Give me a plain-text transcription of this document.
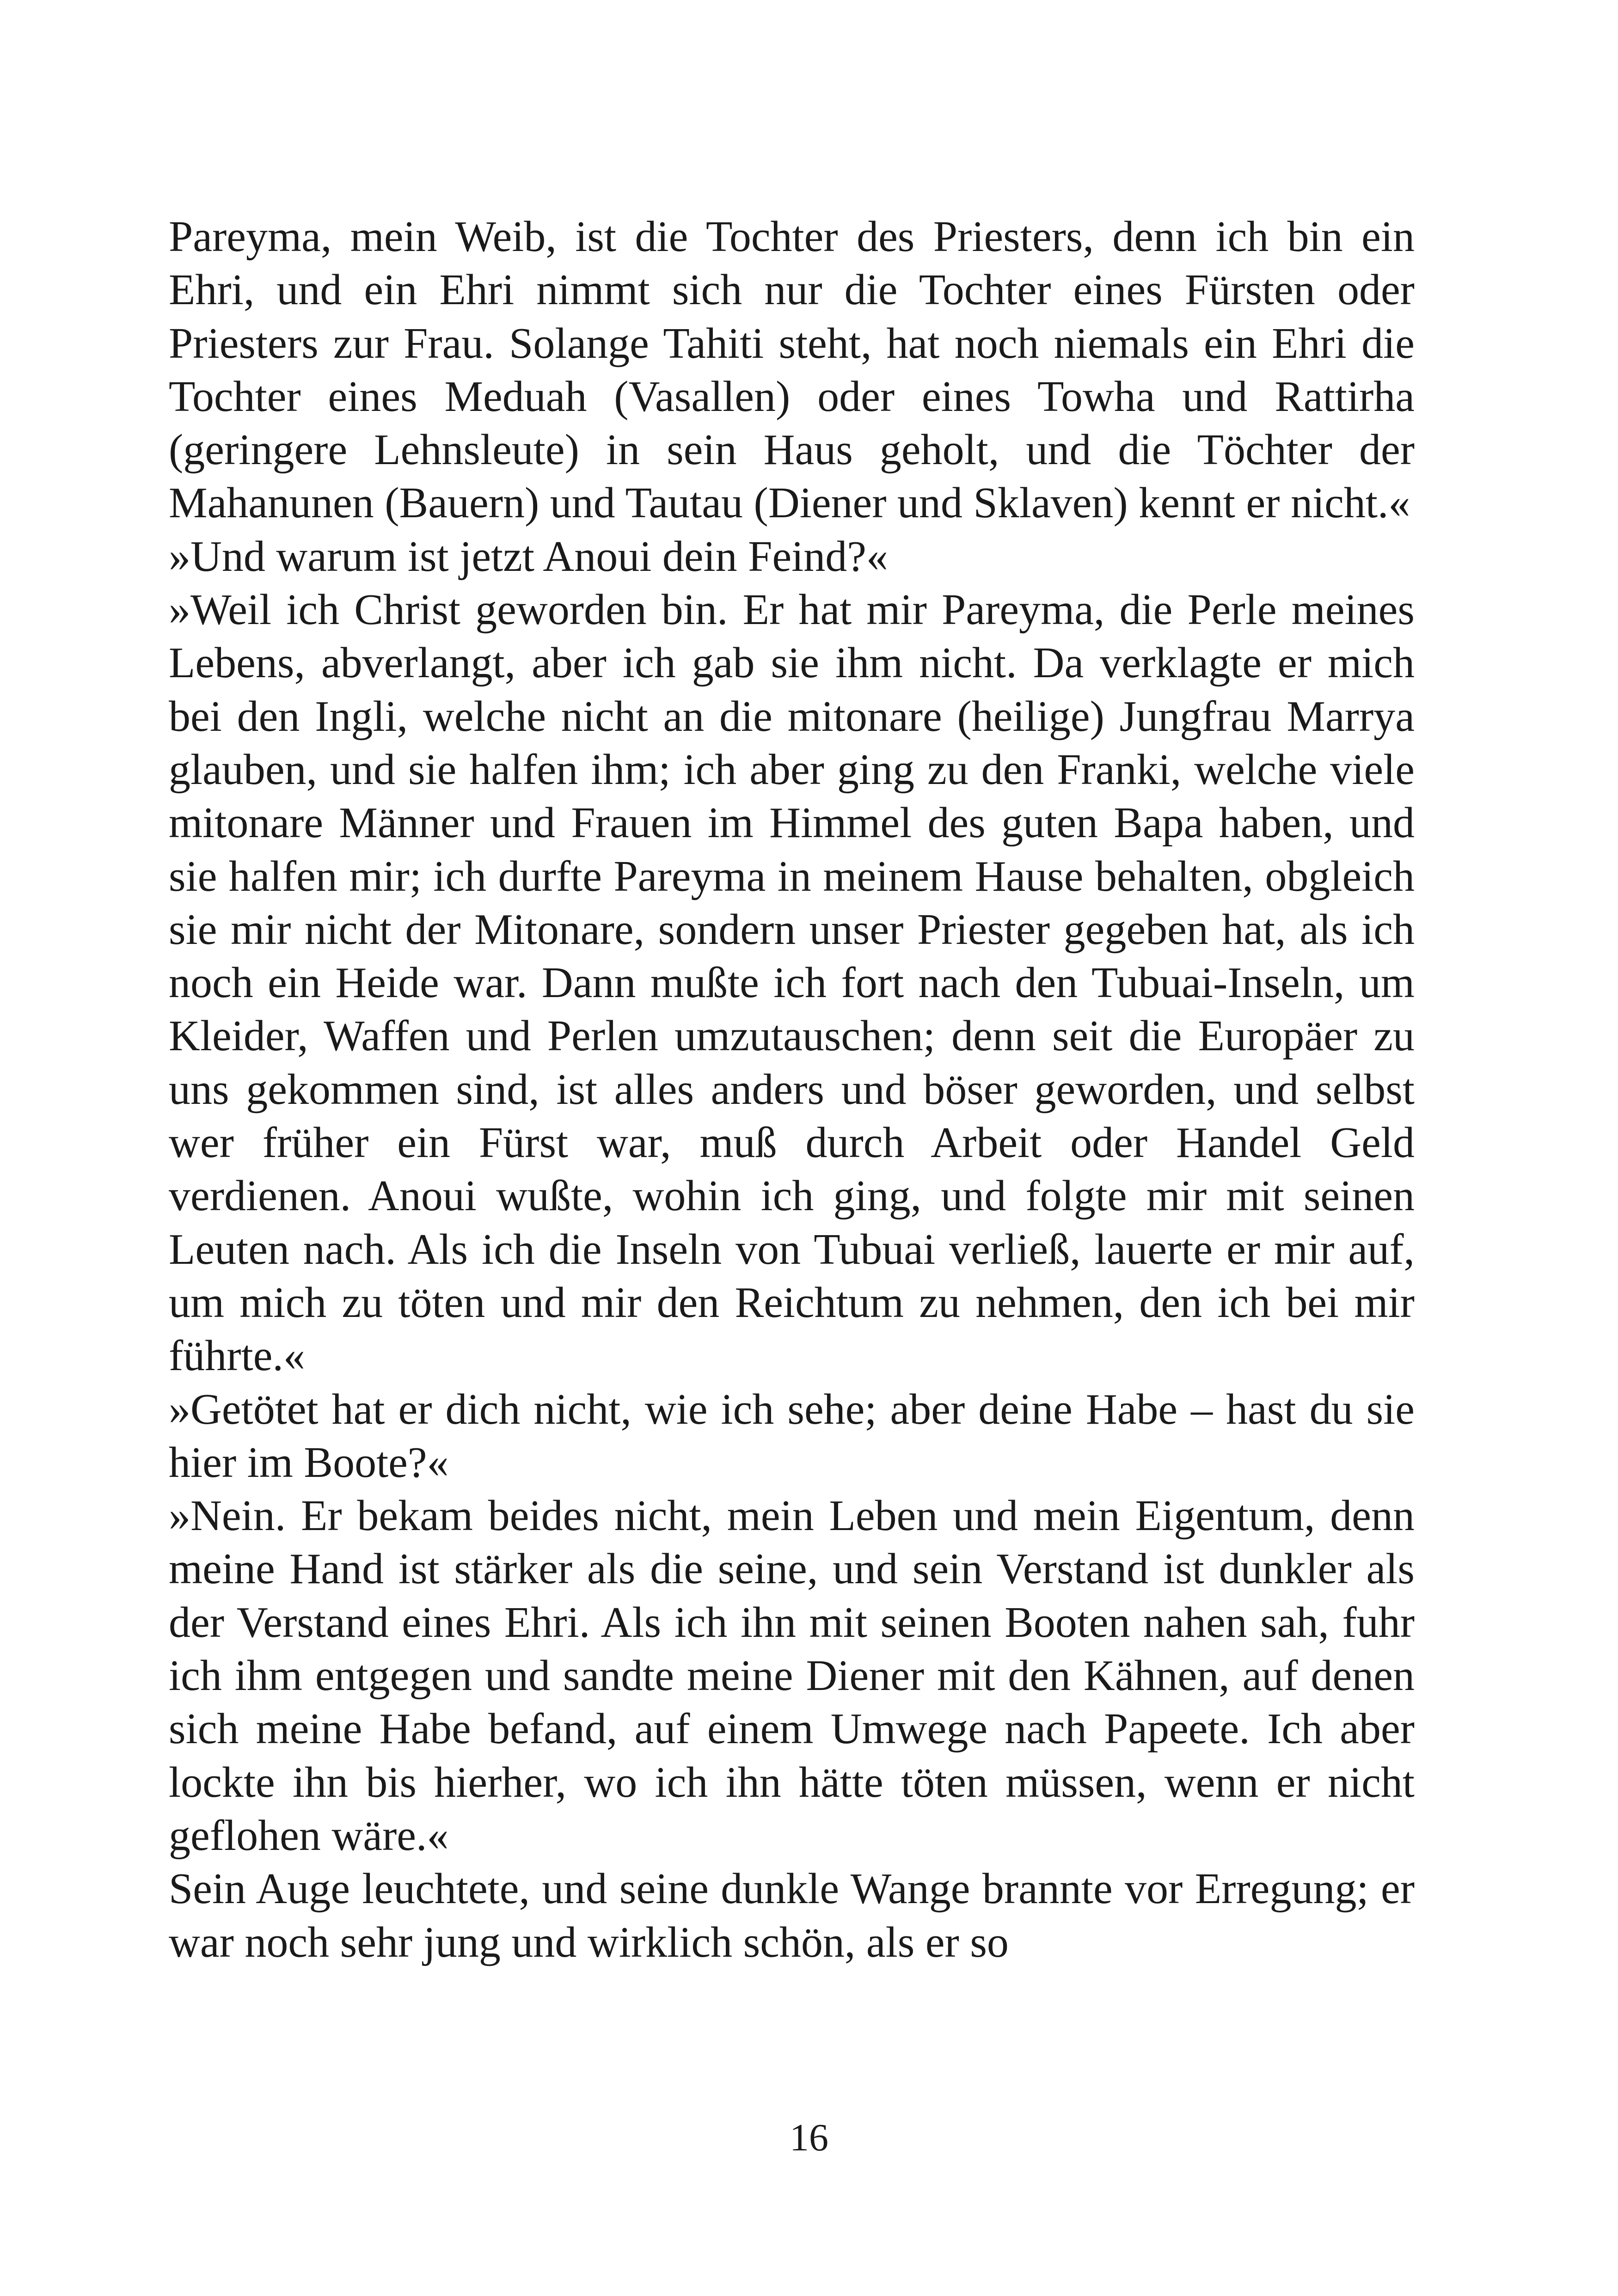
Pareyma, mein Weib, ist die Tochter des Priesters, denn ich bin ein Ehri, und ein Ehri nimmt sich nur die Tochter eines Fürsten oder Priesters zur Frau. Solange Tahiti steht, hat noch niemals ein Ehri die Tochter eines Meduah (Vasallen) oder eines Towha und Rattirha (geringere Lehnsleute) in sein Haus geholt, und die Töchter der Mahanunen (Bauern) und Tautau (Diener und Sklaven) kennt er nicht.«

»Und warum ist jetzt Anoui dein Feind?«

»Weil ich Christ geworden bin. Er hat mir Pareyma, die Perle meines Lebens, abverlangt, aber ich gab sie ihm nicht. Da verklagte er mich bei den Ingli, welche nicht an die mitonare (heilige) Jungfrau Marrya glauben, und sie halfen ihm; ich aber ging zu den Franki, welche viele mitonare Männer und Frauen im Himmel des guten Bapa haben, und sie halfen mir; ich durfte Pareyma in meinem Hause behalten, obgleich sie mir nicht der Mitonare, sondern unser Priester gegeben hat, als ich noch ein Heide war. Dann mußte ich fort nach den Tubuai-Inseln, um Kleider, Waffen und Perlen umzutauschen; denn seit die Europäer zu uns gekommen sind, ist alles anders und böser geworden, und selbst wer früher ein Fürst war, muß durch Arbeit oder Handel Geld verdienen. Anoui wußte, wohin ich ging, und folgte mir mit seinen Leuten nach. Als ich die Inseln von Tubuai verließ, lauerte er mir auf, um mich zu töten und mir den Reichtum zu nehmen, den ich bei mir führte.«

»Getötet hat er dich nicht, wie ich sehe; aber deine Habe – hast du sie hier im Boote?«

»Nein. Er bekam beides nicht, mein Leben und mein Eigentum, denn meine Hand ist stärker als die seine, und sein Verstand ist dunkler als der Verstand eines Ehri. Als ich ihn mit seinen Booten nahen sah, fuhr ich ihm entgegen und sandte meine Diener mit den Kähnen, auf denen sich meine Habe befand, auf einem Umwege nach Papeete. Ich aber lockte ihn bis hierher, wo ich ihn hätte töten müssen, wenn er nicht geflohen wäre.«

Sein Auge leuchtete, und seine dunkle Wange brannte vor Erregung; er war noch sehr jung und wirklich schön, als er so

16
